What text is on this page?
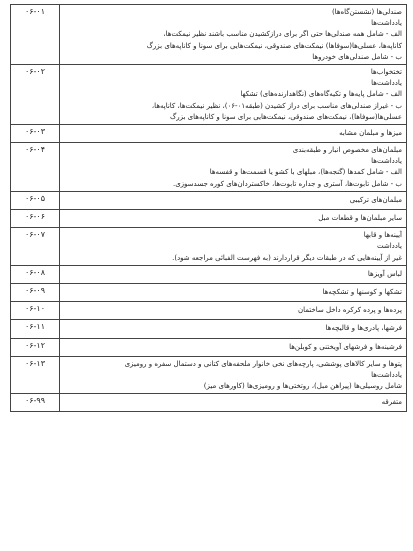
صندلی‌ها (نشستن‌گاه‌ها)
یادداشت‌ها
الف - شامل همه صندلی‌ها حتی اگر برای درازکشیدن مناسب باشند نظیر نیمکت‌ها،
کاناپه‌ها، عسلی‌ها(سوفاها) نیمکت‌های صندوقی، نیمکت‌هایی برای سونا و کاناپه‌های بزرگ
ب - شامل صندلی‌های خودروها	۰۶-۰۱

تختخواب‌ها
یادداشت‌ها
الف - شامل پایه‌ها و تکیه‌گاه‌های (نگاهدارنده‌های) تشکها
ب - غیراز صندلی‌های مناسب برای دراز کشیدن (طبقه۰۱-۰۶)، نظیر نیمکت‌ها، کاناپه‌ها،
عسلی‌ها(سوفاها)، نیمکت‌های صندوقی، نیمکت‌هایی برای سونا و کاناپه‌های بزرگ	۰۶-۰۲

میزها و مبلمان مشابه	۰۶-۰۳

مبلمان‌های مخصوص انبار و طبقه‌بندی
یادداشت‌ها
الف - شامل کمدها (گنجه‌ها)، مبلهای با کشو یا قسمت‌ها و قفسه‌ها
ب - شامل تابوت‌ها، آستری و جداره تابوت‌ها، خاکستردان‌های کوره جسدسوزی.	۰۶-۰۴

مبلمان‌های ترکیبی	۰۶-۰۵

سایر مبلمان‌ها و قطعات مبل	۰۶-۰۶

آیینه‌ها و قابها
یادداشت
غیر از آیینه‌هایی که در طبقات دیگر قراردارند (به فهرست الفبائی مراجعه شود).	۰۶-۰۷

لباس آویزها	۰۶-۰۸

تشکها و کوسنها و تشکچه‌ها	۰۶-۰۹

پرده‌ها و پرده کرکره داخل ساختمان	۰۶-۱۰

فرشها، پادری‌ها و قالیچه‌ها	۰۶-۱۱

فرشینه‌ها و فرشهای آویختنی و کوبلن‌ها	۰۶-۱۲

پتوها و سایر کالاهای پوششی، پارچه‌های نخی خانوار ملحفه‌های کتانی و دستمال سفره و رومیزی
یادداشت‌ها
شامل روسیلی‌ها (پیراهن مبل)، روتختی‌ها و رومیزی‌ها (کاورهای میز)	۰۶-۱۳

متفرقه	۰۶-۹۹
